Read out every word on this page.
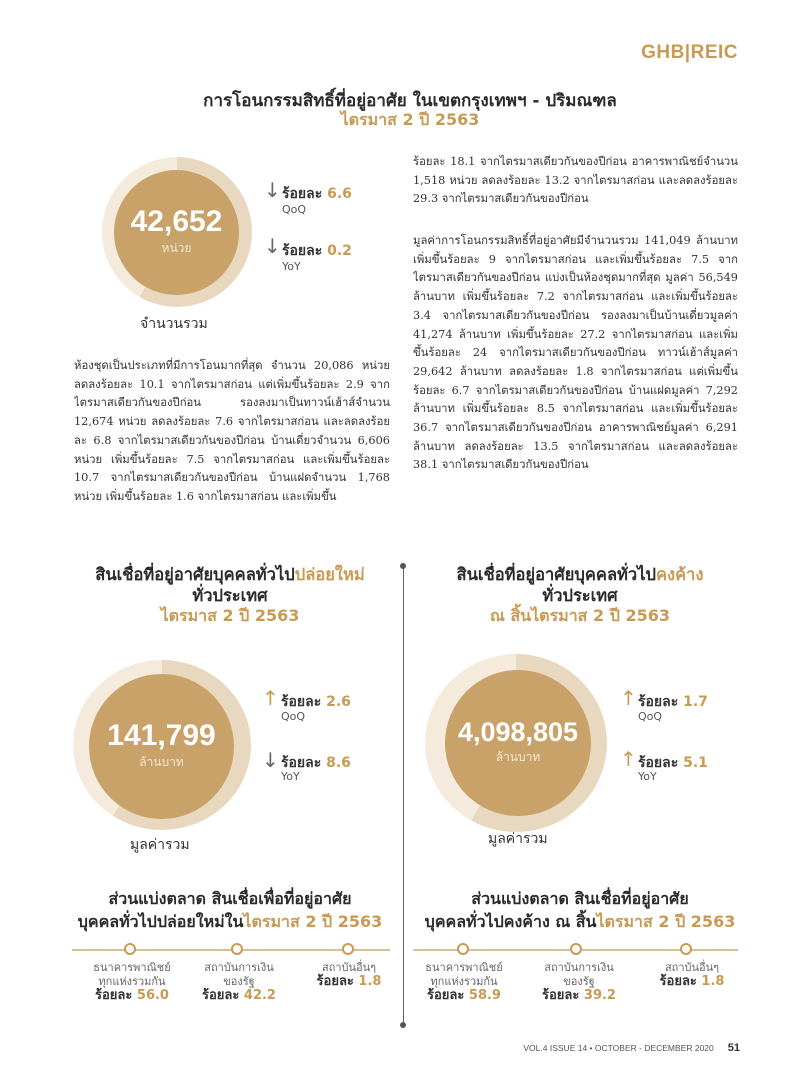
GHB|REIC
การโอนกรรมสิทธิ์ที่อยู่อาศัย ในเขตกรุงเทพฯ - ปริมณฑล
ไตรมาส 2 ปี 2563
42,652
หน่วย
จำนวนรวม
↓ ร้อยละ 6.6
QoQ
↓ ร้อยละ 0.2
YoY
ห้องชุดเป็นประเภทที่มีการโอนมากที่สุด จำนวน 20,086 หน่วย ลดลงร้อยละ 10.1 จากไตรมาสก่อน แต่เพิ่มขึ้นร้อยละ 2.9 จากไตรมาสเดียวกันของปีก่อน รองลงมาเป็นทาวน์เฮ้าส์จำนวน 12,674 หน่วย ลดลงร้อยละ 7.6 จากไตรมาสก่อน และลดลงร้อยละ 6.8 จากไตรมาสเดียวกันของปีก่อน บ้านเดี่ยวจำนวน 6,606 หน่วย เพิ่มขึ้นร้อยละ 7.5 จากไตรมาสก่อน และเพิ่มขึ้นร้อยละ 10.7 จากไตรมาสเดียวกันของปีก่อน บ้านแฝดจำนวน 1,768 หน่วย เพิ่มขึ้นร้อยละ 1.6 จากไตรมาสก่อน และเพิ่มขึ้น
ร้อยละ 18.1 จากไตรมาสเดียวกันของปีก่อน อาคารพาณิชย์จำนวน 1,518 หน่วย ลดลงร้อยละ 13.2 จากไตรมาสก่อน และลดลงร้อยละ 29.3 จากไตรมาสเดียวกันของปีก่อน
มูลค่าการโอนกรรมสิทธิ์ที่อยู่อาศัยมีจำนวนรวม 141,049 ล้านบาท เพิ่มขึ้นร้อยละ 9 จากไตรมาสก่อน และเพิ่มขึ้นร้อยละ 7.5 จากไตรมาสเดียวกันของปีก่อน แบ่งเป็นห้องชุดมากที่สุด มูลค่า 56,549 ล้านบาท เพิ่มขึ้นร้อยละ 7.2 จากไตรมาสก่อน และเพิ่มขึ้นร้อยละ 3.4 จากไตรมาสเดียวกันของปีก่อน รองลงมาเป็นบ้านเดี่ยวมูลค่า 41,274 ล้านบาท เพิ่มขึ้นร้อยละ 27.2 จากไตรมาสก่อน และเพิ่มขึ้นร้อยละ 24 จากไตรมาสเดียวกันของปีก่อน ทาวน์เฮ้าส์มูลค่า 29,642 ล้านบาท ลดลงร้อยละ 1.8 จากไตรมาสก่อน แต่เพิ่มขึ้นร้อยละ 6.7 จากไตรมาสเดียวกันของปีก่อน บ้านแฝดมูลค่า 7,292 ล้านบาท เพิ่มขึ้นร้อยละ 8.5 จากไตรมาสก่อน และเพิ่มขึ้นร้อยละ 36.7 จากไตรมาสเดียวกันของปีก่อน อาคารพาณิชย์มูลค่า 6,291 ล้านบาท ลดลงร้อยละ 13.5 จากไตรมาสก่อน และลดลงร้อยละ 38.1 จากไตรมาสเดียวกันของปีก่อน
สินเชื่อที่อยู่อาศัยบุคคลทั่วไปปล่อยใหม่
ทั่วประเทศ
ไตรมาส 2 ปี 2563
141,799
ล้านบาท
มูลค่ารวม
↑ ร้อยละ 2.6
QoQ
↓ ร้อยละ 8.6
YoY
สินเชื่อที่อยู่อาศัยบุคคลทั่วไปคงค้าง
ทั่วประเทศ
ณ สิ้นไตรมาส 2 ปี 2563
4,098,805
ล้านบาท
มูลค่ารวม
↑ ร้อยละ 1.7
QoQ
↑ ร้อยละ 5.1
YoY
ส่วนแบ่งตลาด สินเชื่อเพื่อที่อยู่อาศัย
บุคคลทั่วไปปล่อยใหม่ในไตรมาส 2 ปี 2563
ธนาคารพาณิชย์
ทุกแห่งรวมกัน
ร้อยละ 56.0
สถาบันการเงิน
ของรัฐ
ร้อยละ 42.2
สถาบันอื่นๆ
ร้อยละ 1.8
ส่วนแบ่งตลาด สินเชื่อที่อยู่อาศัย
บุคคลทั่วไปคงค้าง ณ สิ้นไตรมาส 2 ปี 2563
ธนาคารพาณิชย์
ทุกแห่งรวมกัน
ร้อยละ 58.9
สถาบันการเงิน
ของรัฐ
ร้อยละ 39.2
สถาบันอื่นๆ
ร้อยละ 1.8
VOL.4 ISSUE 14 • OCTOBER - DECEMBER 2020 51
